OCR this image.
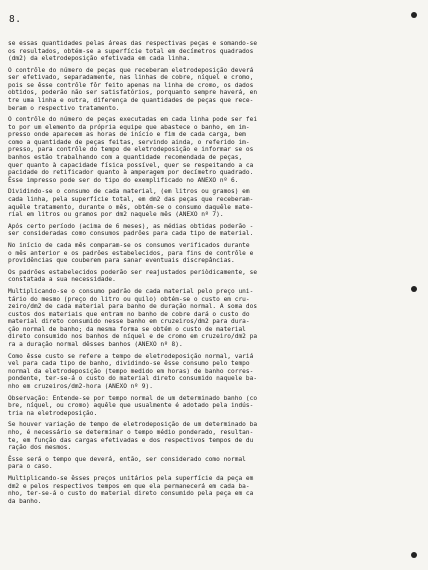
8.
se essas quantidades pelas áreas das respectivas peças e somando-se
os resultados, obtém-se a superfície total em decímetros quadrados
(dm2) da eletrodeposição efetivada em cada linha.
O contrôle do número de peças que receberam eletrodeposição deverá
ser efetivado, separadamente, nas linhas de cobre, níquel e cromo,
pois se êsse contrôle fôr feito apenas na linha de cromo, os dados
obtidos, poderão não ser satisfatórios, porquanto sempre haverá, en
tre uma linha e outra, diferença de quantidades de peças que rece-
beram o respectivo tratamento.
O contrôle do número de peças executadas em cada linha pode ser fei
to por um elemento da própria equipe que abastece o banho, em im-
presso onde aparecem as horas de início e fim de cada carga, bem
como a quantidade de peças feitas, servindo ainda, o referido im-
presso, para contrôle do tempo de eletrodeposição e informar se os
banhos estão trabalhando com a quantidade recomendada de peças,
quer quanto à capacidade física possível, quer se respeitando a ca
pacidade do retificador quanto à amperagem por decímetro quadrado.
Êsse impresso pode ser do tipo do exemplificado no ANEXO nº 6.
Dividindo-se o consumo de cada material, (em litros ou gramos) em
cada linha, pela superfície total, em dm2 das peças que receberam-
aquêle tratamento, durante o mês, obtém-se o consumo daquêle mate-
rial em litros ou gramos por dm2 naquele mês (ANEXO nº 7).
Após certo período (acima de 6 meses), as médias obtidas poderão -
ser consideradas como consumos padrões para cada tipo de material.
No início de cada mês comparam-se os consumos verificados durante
o mês anterior e os padrões estabelecidos, para fins de contrôle e
providências que couberem para sanar eventuais discrepâncias.
Os padrões estabelecidos poderão ser reajustados periòdicamente, se
constatada a sua necessidade.
Multiplicando-se o consumo padrão de cada material pelo preço uni-
tário do mesmo (preço do litro ou quilo) obtém-se o custo em cru-
zeiro/dm2 de cada material para banho de duração normal. A soma dos
custos dos materiais que entram no banho de cobre dará o custo do
material direto consumido nesse banho em cruzeiros/dm2 para dura-
ção normal de banho; da mesma forma se obtém o custo de material
direto consumido nos banhos de níquel e de cromo em cruzeiro/dm2 pa
ra a duração normal dêsses banhos (ANEXO nº 8).
Como êsse custo se refere a tempo de eletrodeposição normal, variá
vel para cada tipo de banho, dividindo-se êsse consumo pelo tempo
normal da eletrodeposição (tempo medido em horas) de banho corres-
pondente, ter-se-á o custo do material direto consumido naquele ba-
nho em cruzeiros/dm2-hora (ANEXO nº 9).
Observação: Entende-se por tempo normal de um determinado banho (co
bre, níquel, ou cromo) aquêle que usualmente é adotado pela indús-
tria na eletrodeposição.
Se houver variação de tempo de eletrodeposição de um determinado ba
nho, é necessário se determinar o tempo médio ponderado, resultan-
te, em função das cargas efetivadas e dos respectivos tempos de du
ração dos mesmos.
Êsse será o tempo que deverá, então, ser considerado como normal
para o caso.
Multiplicando-se êsses preços unitários pela superfície da peça em
dm2 e pelos respectivos tempos em que ela permanecerá em cada ba-
nho, ter-se-á o custo do material direto consumido pela peça em ca
da banho.
